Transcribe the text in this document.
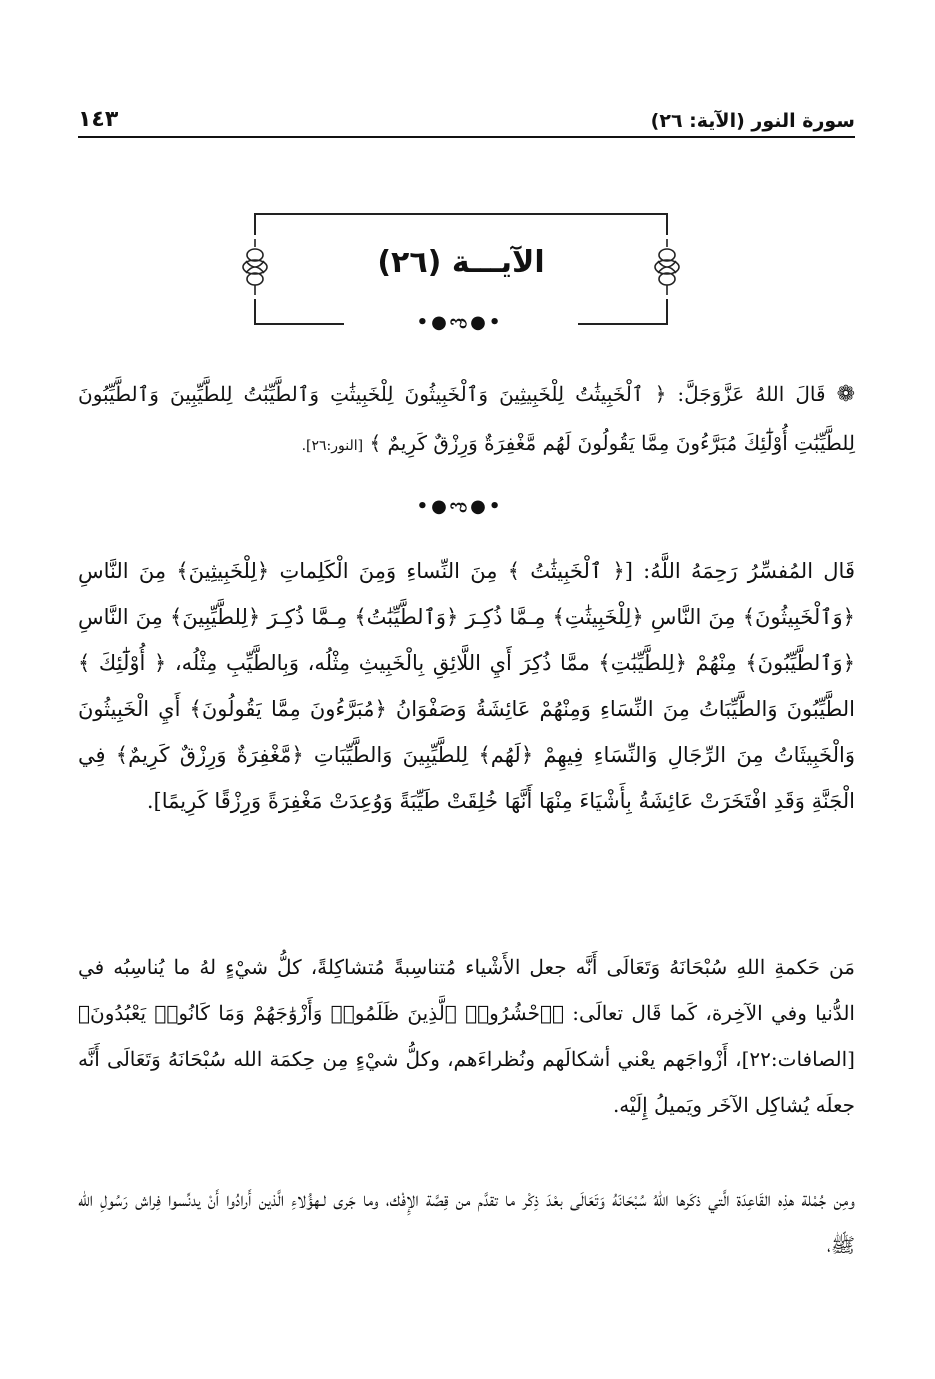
سورة النور (الآية: ٢٦)
١٤٣
الآيـــة (٢٦)
•●ಌ●•
❁ قَالَ اللهُ عَزَّوَجَلَّ: ﴿ ٱلْخَبِيثَٰتُ لِلْخَبِيثِينَ وَٱلْخَبِيثُونَ لِلْخَبِيثَٰتِ وَٱلطَّيِّبَٰتُ لِلطَّيِّبِينَ وَٱلطَّيِّبُونَ لِلطَّيِّبَٰتِ أُوْلَٰٓئِكَ مُبَرَّءُونَ مِمَّا يَقُولُونَ لَهُم مَّغْفِرَةٌ وَرِزْقٌ كَرِيمٌ ﴾ [النور:٢٦].
•●ಌ●•
قَال المُفسِّرُ رَحِمَهُ اللَّهُ: [﴿ ٱلْخَبِيثَٰتُ ﴾ مِنَ النِّساءِ وَمِنَ الْكَلِماتِ ﴿لِلْخَبِيثِينَ﴾ مِنَ النَّاسِ ﴿وَٱلْخَبِيثُونَ﴾ مِنَ النَّاسِ ﴿لِلْخَبِيثَٰتِ﴾ مِـمَّا ذُكِـرَ ﴿وَٱلطَّيِّبَٰتُ﴾ مِـمَّا ذُكِـرَ ﴿لِلطَّيِّبِينَ﴾ مِنَ النَّاسِ ﴿وَٱلطَّيِّبُونَ﴾ مِنْهُمْ ﴿لِلطَّيِّبَٰتِ﴾ ممَّا ذُكِرَ أَيِ اللَّائِقِ بِالْخَبِيثِ مِثْلُه، وَبِالطَّيِّبِ مِثْلُه، ﴿ أُوْلَٰٓئِكَ ﴾ الطَّيِّبُونَ وَالطَّيِّبَاتُ مِنَ النِّسَاءِ وَمِنْهُمْ عَائِشَةُ وَصَفْوَانُ ﴿مُبَرَّءُونَ مِمَّا يَقُولُونَ﴾ أَيِ الْخَبِيثُونَ وَالْخَبِيثَاتُ مِنَ الرِّجَالِ وَالنِّسَاءِ فِيهِمْ ﴿لَهُم﴾ لِلطَّيِّبِينَ وَالطَّيِّبَاتِ ﴿مَّغْفِرَةٌ وَرِزْقٌ كَرِيمٌ﴾ فِي الْجَنَّةِ وَقَدِ افْتَخَرَتْ عَائِشَةُ بِأَشْيَاءَ مِنْهَا أَنَّهَا خُلِقَتْ طَيِّبَةً وَوُعِدَتْ مَغْفِرَةً وَرِزْقًا كَرِيمًا].
مَن حَكمةِ اللهِ سُبْحَانَهُ وَتَعَالَى أَنَّه جعل الأَشْياء مُتناسِبةً مُتشاكِلةً، كلُّ شيْءٍ لهُ ما يُناسِبُه في الدُّنيا وفي الآخِرة، كَما قَال تعالَى: ﴿ٱحْشُرُوا۟ ٱلَّذِينَ ظَلَمُوا۟ وَأَزْوَٰجَهُمْ وَمَا كَانُوا۟ يَعْبُدُونَ﴾ [الصافات:٢٢]، أَزْواجَهم يعْني أشكالَهم ونُظراءَهم، وكلُّ شيْءٍ مِن حِكمَة الله سُبْحَانَهُ وَتَعَالَى أَنَّه جعلَه يُشاكِل الآخَر ويَميلُ إِلَيْه.
ومِن جُمْلة هذِه القَاعِدَة الَّتي ذكَرها اللهُ سُبْحَانَهُ وَتَعَالَى بعْدَ ذِكْر ما تقدَّم من قِصَّة الإِفْك، وما جَرى لـهؤُلاءِ الَّذين أَرادُوا أَنْ يدنِّسوا فِراش رَسُولِ الله ﷺ،
